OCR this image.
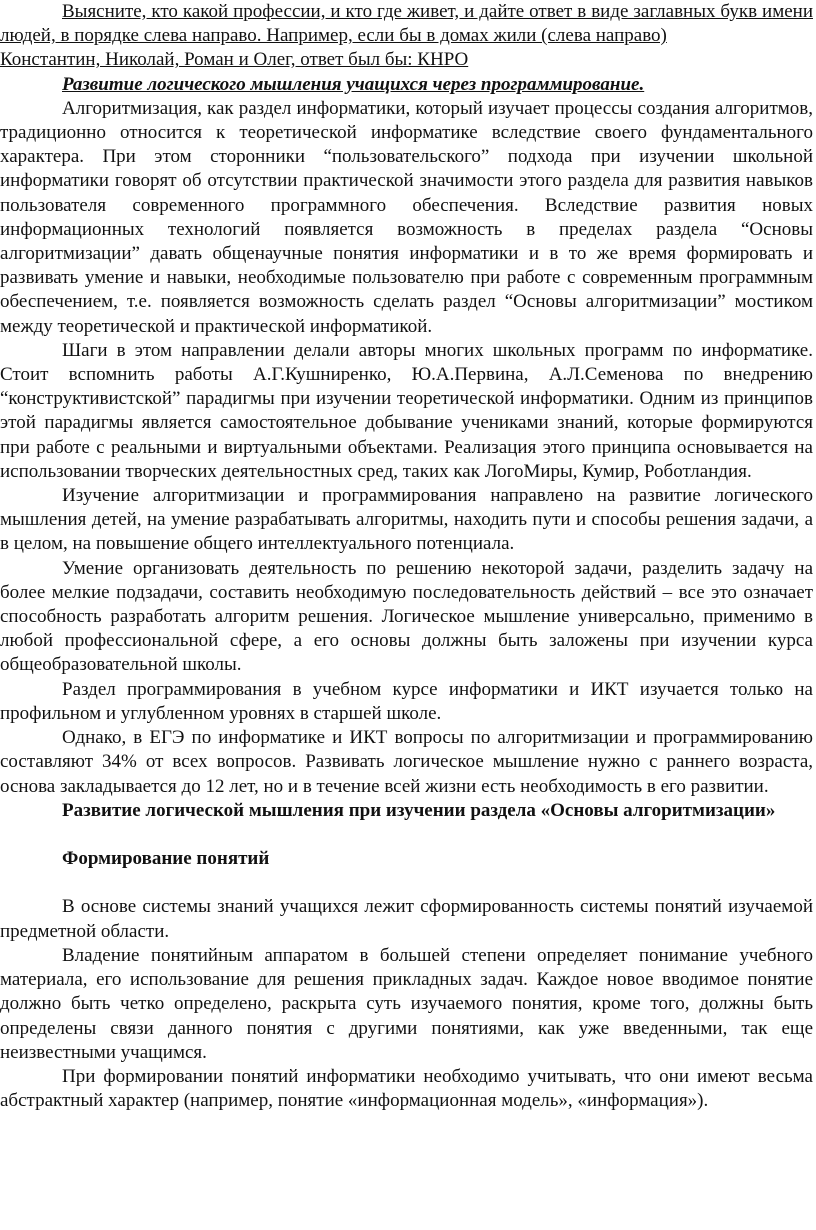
Выясните, кто какой профессии, и кто где живет, и дайте ответ в виде заглавных букв имени людей, в порядке слева направо. Например, если бы в домах жили (слева направо)

Константин, Николай, Роман и Олег, ответ был бы: КНРО

Развитие логического мышления учащихся через программирование.

Алгоритмизация, как раздел информатики, который изучает процессы создания алгоритмов, традиционно относится к теоретической информатике вследствие своего фундаментального характера. При этом сторонники “пользовательского” подхода при изучении школьной информатики говорят об отсутствии практической значимости этого раздела для развития навыков пользователя современного программного обеспечения. Вследствие развития новых информационных технологий появляется возможность в пределах раздела “Основы алгоритмизации” давать общенаучные понятия информатики и в то же время формировать и развивать умение и навыки, необходимые пользователю при работе с современным программным обеспечением, т.е. появляется возможность сделать раздел “Основы алгоритмизации” мостиком между теоретической и практической информатикой.

Шаги в этом направлении делали авторы многих школьных программ по информатике. Стоит вспомнить работы А.Г.Кушниренко, Ю.А.Первина, А.Л.Семенова по внедрению “конструктивистской” парадигмы при изучении теоретической информатики. Одним из принципов этой парадигмы является самостоятельное добывание учениками знаний, которые формируются при работе с реальными и виртуальными объектами. Реализация этого принципа основывается на использовании творческих деятельностных сред, таких как ЛогоМиры, Кумир, Роботландия.

Изучение алгоритмизации и программирования направлено на развитие логического мышления детей, на умение разрабатывать алгоритмы, находить пути и способы решения задачи, а в целом, на повышение общего интеллектуального потенциала.

Умение организовать деятельность по решению некоторой задачи, разделить задачу на более мелкие подзадачи, составить необходимую последовательность действий – все это означает способность разработать алгоритм решения. Логическое мышление универсально, применимо в любой профессиональной сфере, а его основы должны быть заложены при изучении курса общеобразовательной школы.

Раздел программирования в учебном курсе информатики и ИКТ изучается только на профильном и углубленном уровнях в старшей школе.

Однако, в ЕГЭ по информатике и ИКТ вопросы по алгоритмизации и программированию составляют 34% от всех вопросов. Развивать логическое мышление нужно с раннего возраста, основа закладывается до 12 лет, но и в течение всей жизни есть необходимость в его развитии.

Развитие логической мышления при изучении раздела «Основы алгоритмизации»

Формирование понятий

В основе системы знаний учащихся лежит сформированность системы понятий изучаемой предметной области.

Владение понятийным аппаратом в большей степени определяет понимание учебного материала, его использование для решения прикладных задач. Каждое новое вводимое понятие должно быть четко определено, раскрыта суть изучаемого понятия, кроме того, должны быть определены связи данного понятия с другими понятиями, как уже введенными, так еще неизвестными учащимся.

При формировании понятий информатики необходимо учитывать, что они имеют весьма абстрактный характер (например, понятие «информационная модель», «информация»).
